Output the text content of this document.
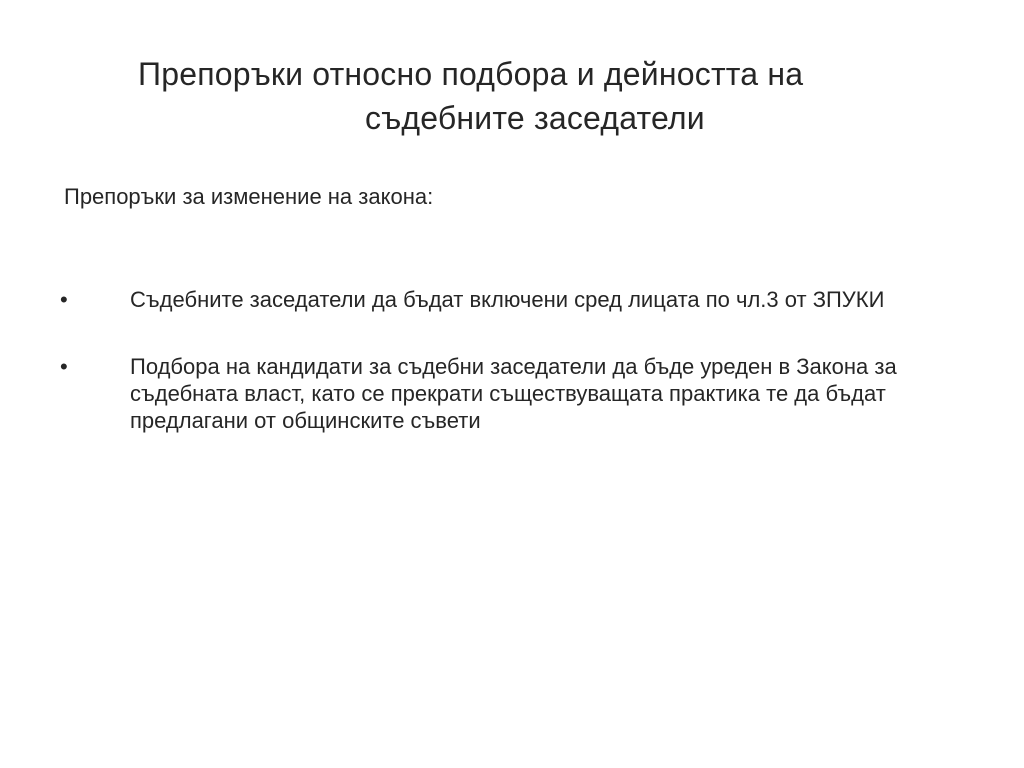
Препоръки относно подбора и дейността на
съдебните заседатели
Препоръки за изменение на закона:
•	Съдебните заседатели да бъдат включени сред лицата по чл.3 от ЗПУКИ
•	Подбора на кандидати за съдебни заседатели да бъде уреден в Закона за съдебната власт, като се прекрати съществуващата практика те да бъдат предлагани от общинските съвети
